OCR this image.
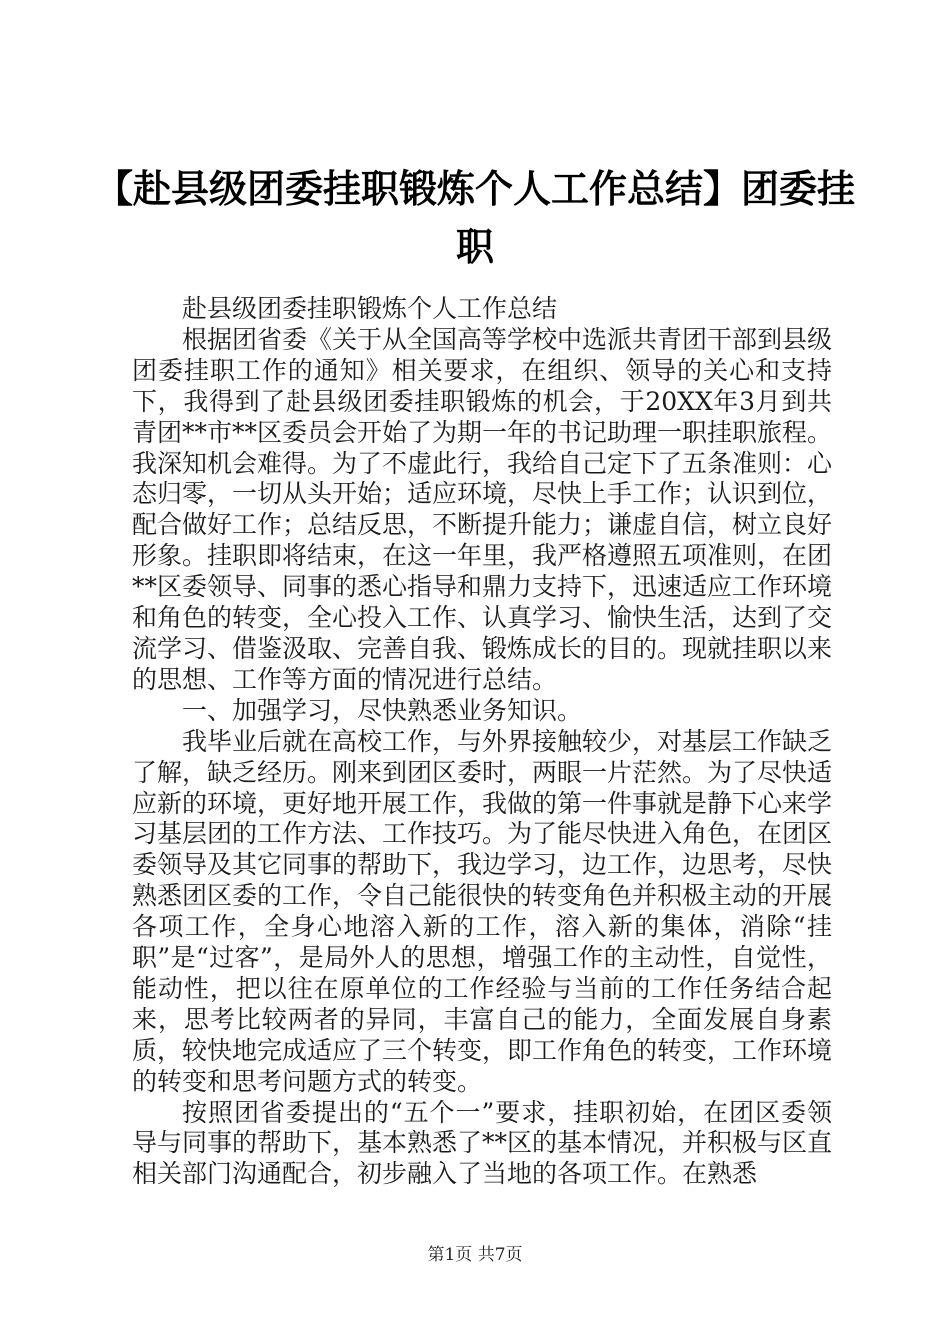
【赴县级团委挂职锻炼个人工作总结】团委挂职

赴县级团委挂职锻炼个人工作总结

根据团省委《关于从全国高等学校中选派共青团干部到县级团委挂职工作的通知》相关要求，在组织、领导的关心和支持下，我得到了赴县级团委挂职锻炼的机会，于20XX年3月到共青团**市**区委员会开始了为期一年的书记助理一职挂职旅程。我深知机会难得。为了不虚此行，我给自己定下了五条准则：心态归零，一切从头开始；适应环境，尽快上手工作；认识到位，配合做好工作；总结反思，不断提升能力；谦虚自信，树立良好形象。挂职即将结束，在这一年里，我严格遵照五项准则，在团**区委领导、同事的悉心指导和鼎力支持下，迅速适应工作环境和角色的转变，全心投入工作、认真学习、愉快生活，达到了交流学习、借鉴汲取、完善自我、锻炼成长的目的。现就挂职以来的思想、工作等方面的情况进行总结。

一、加强学习，尽快熟悉业务知识。

我毕业后就在高校工作，与外界接触较少，对基层工作缺乏了解，缺乏经历。刚来到团区委时，两眼一片茫然。为了尽快适应新的环境，更好地开展工作，我做的第一件事就是静下心来学习基层团的工作方法、工作技巧。为了能尽快进入角色，在团区委领导及其它同事的帮助下，我边学习，边工作，边思考，尽快熟悉团区委的工作，令自己能很快的转变角色并积极主动的开展各项工作，全身心地溶入新的工作，溶入新的集体，消除“挂职”是“过客”，是局外人的思想，增强工作的主动性，自觉性，能动性，把以往在原单位的工作经验与当前的工作任务结合起来，思考比较两者的异同，丰富自己的能力，全面发展自身素质，较快地完成适应了三个转变，即工作角色的转变，工作环境的转变和思考问题方式的转变。

按照团省委提出的“五个一”要求，挂职初始，在团区委领导与同事的帮助下，基本熟悉了**区的基本情况，并积极与区直相关部门沟通配合，初步融入了当地的各项工作。在熟悉

第1页 共7页
